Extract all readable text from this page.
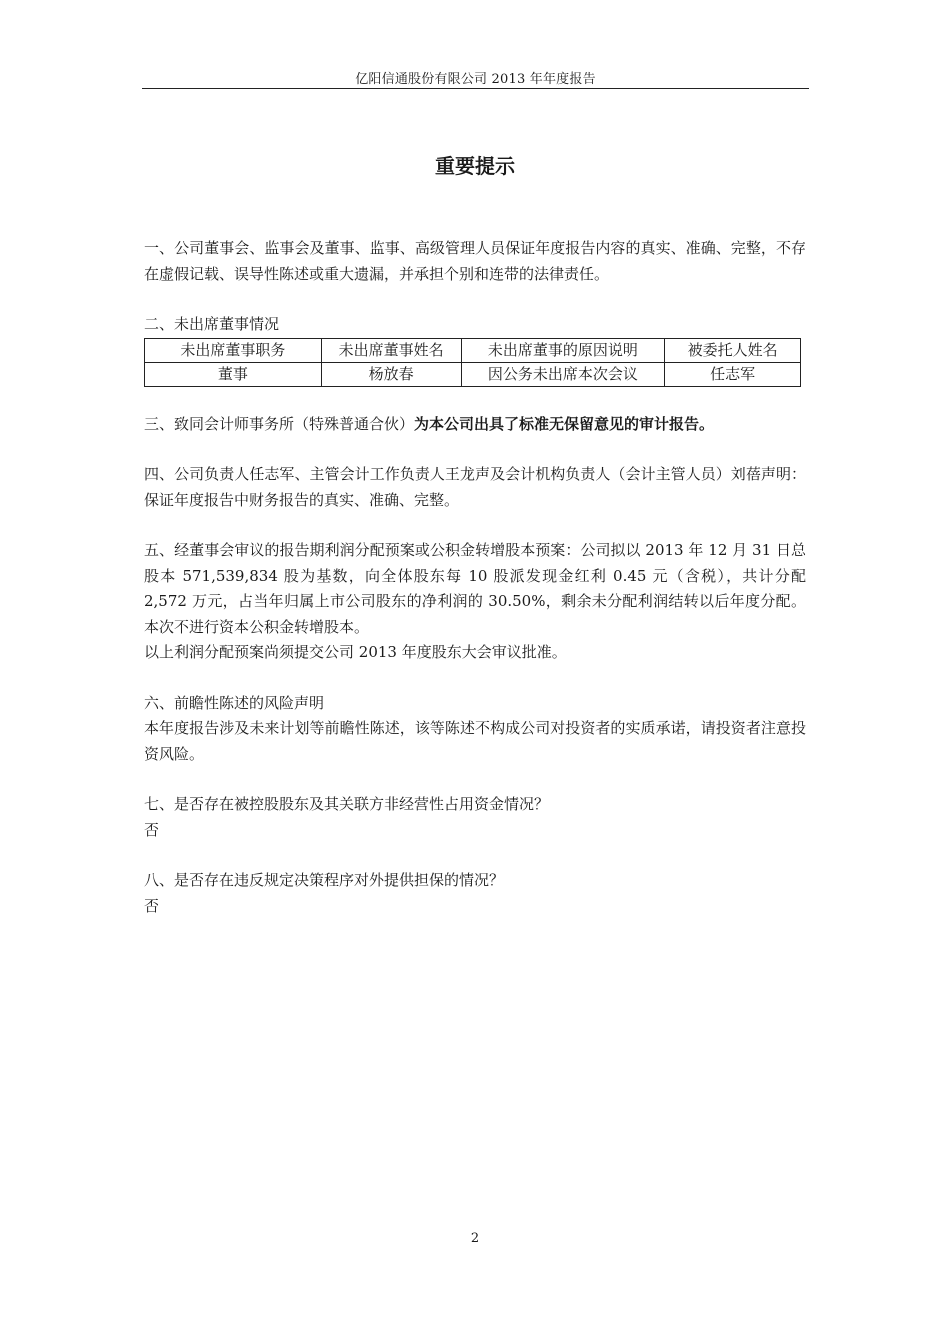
亿阳信通股份有限公司 2013 年年度报告
重要提示

一、公司董事会、监事会及董事、监事、高级管理人员保证年度报告内容的真实、准确、完整，不存在虚假记载、误导性陈述或重大遗漏，并承担个别和连带的法律责任。

二、未出席董事情况

未出席董事职务	未出席董事姓名	未出席董事的原因说明	被委托人姓名
董事	杨放春	因公务未出席本次会议	任志军

三、致同会计师事务所（特殊普通合伙）为本公司出具了标准无保留意见的审计报告。

四、公司负责人任志军、主管会计工作负责人王龙声及会计机构负责人（会计主管人员）刘蓓声明：保证年度报告中财务报告的真实、准确、完整。

五、经董事会审议的报告期利润分配预案或公积金转增股本预案：公司拟以 2013 年 12 月 31 日总股本 571,539,834 股为基数，向全体股东每 10 股派发现金红利 0.45 元（含税），共计分配 2,572 万元，占当年归属上市公司股东的净利润的 30.50%，剩余未分配利润结转以后年度分配。本次不进行资本公积金转增股本。

以上利润分配预案尚须提交公司 2013 年度股东大会审议批准。

六、前瞻性陈述的风险声明

本年度报告涉及未来计划等前瞻性陈述，该等陈述不构成公司对投资者的实质承诺，请投资者注意投资风险。

七、是否存在被控股股东及其关联方非经营性占用资金情况？

否

八、是否存在违反规定决策程序对外提供担保的情况？

否

2
